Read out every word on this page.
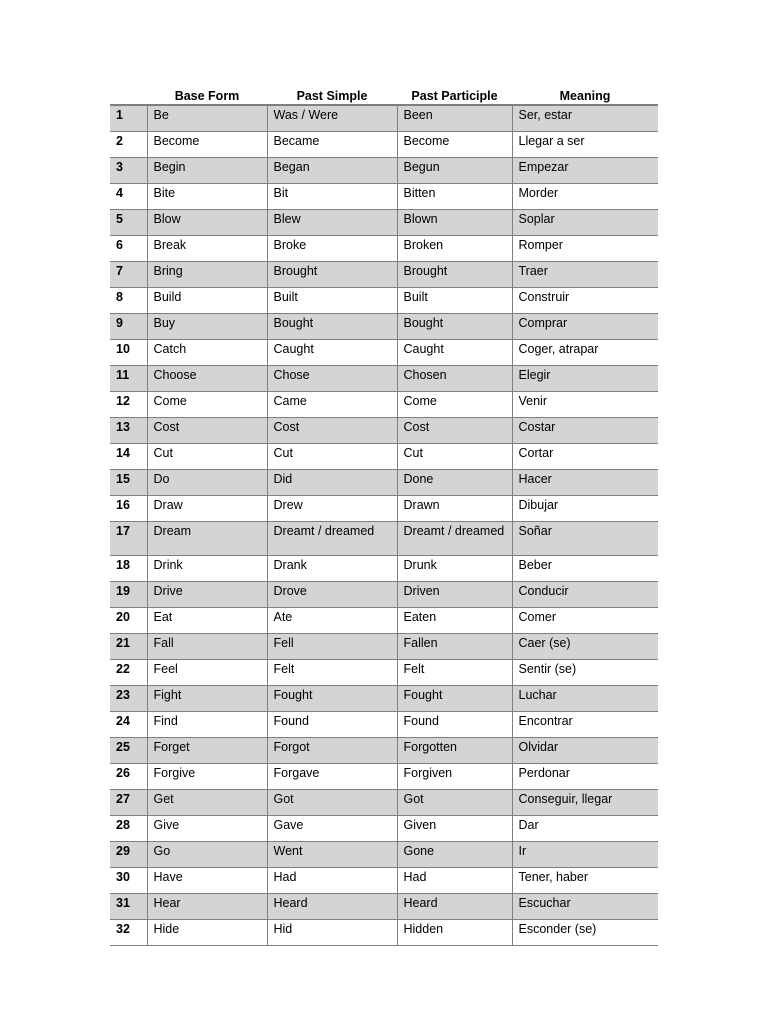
	Base Form	Past Simple	Past Participle	Meaning
1	Be	Was / Were	Been	Ser, estar
2	Become	Became	Become	Llegar a ser
3	Begin	Began	Begun	Empezar
4	Bite	Bit	Bitten	Morder
5	Blow	Blew	Blown	Soplar
6	Break	Broke	Broken	Romper
7	Bring	Brought	Brought	Traer
8	Build	Built	Built	Construir
9	Buy	Bought	Bought	Comprar
10	Catch	Caught	Caught	Coger, atrapar
11	Choose	Chose	Chosen	Elegir
12	Come	Came	Come	Venir
13	Cost	Cost	Cost	Costar
14	Cut	Cut	Cut	Cortar
15	Do	Did	Done	Hacer
16	Draw	Drew	Drawn	Dibujar
17	Dream	Dreamt / dreamed	Dreamt / dreamed	Soñar
18	Drink	Drank	Drunk	Beber
19	Drive	Drove	Driven	Conducir
20	Eat	Ate	Eaten	Comer
21	Fall	Fell	Fallen	Caer (se)
22	Feel	Felt	Felt	Sentir (se)
23	Fight	Fought	Fought	Luchar
24	Find	Found	Found	Encontrar
25	Forget	Forgot	Forgotten	Olvidar
26	Forgive	Forgave	Forgiven	Perdonar
27	Get	Got	Got	Conseguir, llegar
28	Give	Gave	Given	Dar
29	Go	Went	Gone	Ir
30	Have	Had	Had	Tener, haber
31	Hear	Heard	Heard	Escuchar
32	Hide	Hid	Hidden	Esconder (se)
